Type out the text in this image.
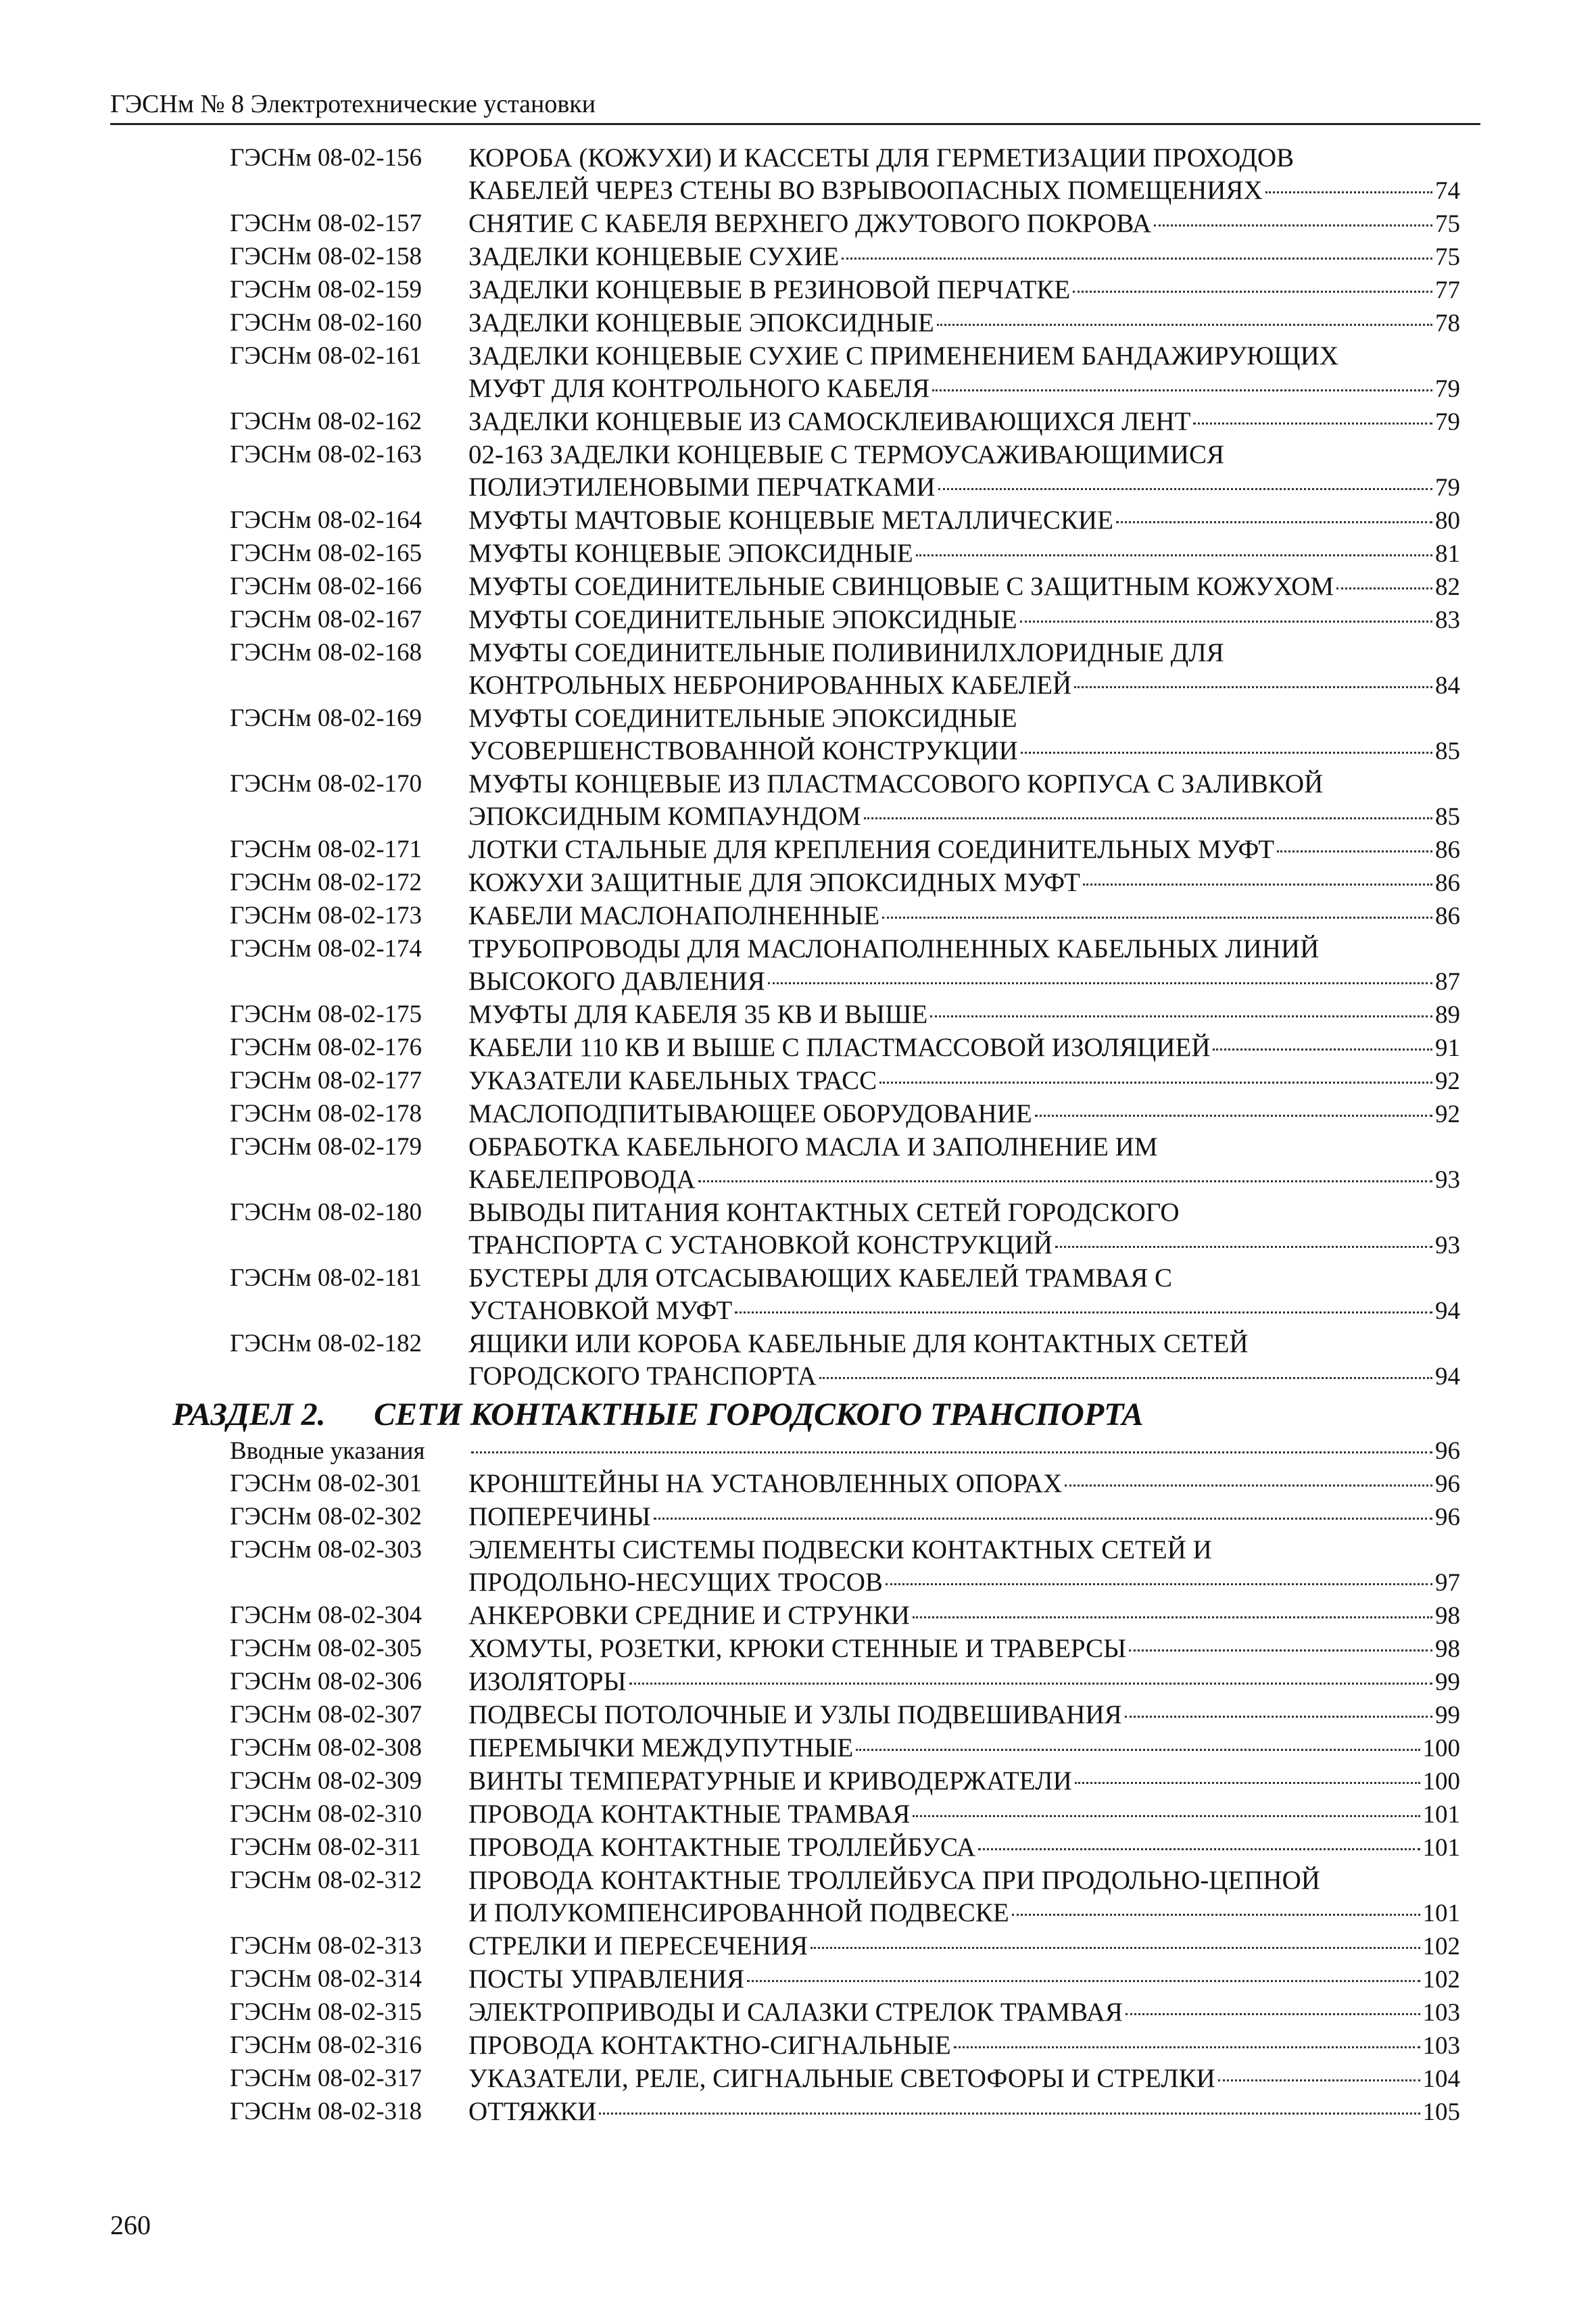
ГЭСНм № 8 Электротехнические установки
ГЭСНм 08-02-156 КОРОБА (КОЖУХИ) И КАССЕТЫ ДЛЯ ГЕРМЕТИЗАЦИИ ПРОХОДОВ
КАБЕЛЕЙ ЧЕРЕЗ СТЕНЫ ВО ВЗРЫВООПАСНЫХ ПОМЕЩЕНИЯХ	74
ГЭСНм 08-02-157 СНЯТИЕ С КАБЕЛЯ ВЕРХНЕГО ДЖУТОВОГО ПОКРОВА	75
ГЭСНм 08-02-158 ЗАДЕЛКИ КОНЦЕВЫЕ СУХИЕ	75
ГЭСНм 08-02-159 ЗАДЕЛКИ КОНЦЕВЫЕ В РЕЗИНОВОЙ ПЕРЧАТКЕ	77
ГЭСНм 08-02-160 ЗАДЕЛКИ КОНЦЕВЫЕ ЭПОКСИДНЫЕ	78
ГЭСНм 08-02-161 ЗАДЕЛКИ КОНЦЕВЫЕ СУХИЕ С ПРИМЕНЕНИЕМ БАНДАЖИРУЮЩИХ
МУФТ ДЛЯ КОНТРОЛЬНОГО КАБЕЛЯ	79
ГЭСНм 08-02-162 ЗАДЕЛКИ КОНЦЕВЫЕ ИЗ САМОСКЛЕИВАЮЩИХСЯ ЛЕНТ	79
ГЭСНм 08-02-163 02-163 ЗАДЕЛКИ КОНЦЕВЫЕ С ТЕРМОУСАЖИВАЮЩИМИСЯ
ПОЛИЭТИЛЕНОВЫМИ ПЕРЧАТКАМИ	79
ГЭСНм 08-02-164 МУФТЫ МАЧТОВЫЕ КОНЦЕВЫЕ МЕТАЛЛИЧЕСКИЕ	80
ГЭСНм 08-02-165 МУФТЫ КОНЦЕВЫЕ ЭПОКСИДНЫЕ	81
ГЭСНм 08-02-166 МУФТЫ СОЕДИНИТЕЛЬНЫЕ СВИНЦОВЫЕ С ЗАЩИТНЫМ КОЖУХОМ	82
ГЭСНм 08-02-167 МУФТЫ СОЕДИНИТЕЛЬНЫЕ ЭПОКСИДНЫЕ	83
ГЭСНм 08-02-168 МУФТЫ СОЕДИНИТЕЛЬНЫЕ ПОЛИВИНИЛХЛОРИДНЫЕ ДЛЯ
КОНТРОЛЬНЫХ НЕБРОНИРОВАННЫХ КАБЕЛЕЙ	84
ГЭСНм 08-02-169 МУФТЫ СОЕДИНИТЕЛЬНЫЕ ЭПОКСИДНЫЕ
УСОВЕРШЕНСТВОВАННОЙ КОНСТРУКЦИИ	85
ГЭСНм 08-02-170 МУФТЫ КОНЦЕВЫЕ ИЗ ПЛАСТМАССОВОГО КОРПУСА С ЗАЛИВКОЙ
ЭПОКСИДНЫМ КОМПАУНДОМ	85
ГЭСНм 08-02-171 ЛОТКИ СТАЛЬНЫЕ ДЛЯ КРЕПЛЕНИЯ СОЕДИНИТЕЛЬНЫХ МУФТ	86
ГЭСНм 08-02-172 КОЖУХИ ЗАЩИТНЫЕ ДЛЯ ЭПОКСИДНЫХ МУФТ	86
ГЭСНм 08-02-173 КАБЕЛИ МАСЛОНАПОЛНЕННЫЕ	86
ГЭСНм 08-02-174 ТРУБОПРОВОДЫ ДЛЯ МАСЛОНАПОЛНЕННЫХ КАБЕЛЬНЫХ ЛИНИЙ
ВЫСОКОГО ДАВЛЕНИЯ	87
ГЭСНм 08-02-175 МУФТЫ ДЛЯ КАБЕЛЯ 35 КВ И ВЫШЕ	89
ГЭСНм 08-02-176 КАБЕЛИ 110 КВ И ВЫШЕ С ПЛАСТМАССОВОЙ ИЗОЛЯЦИЕЙ	91
ГЭСНм 08-02-177 УКАЗАТЕЛИ КАБЕЛЬНЫХ ТРАСС	92
ГЭСНм 08-02-178 МАСЛОПОДПИТЫВАЮЩЕЕ ОБОРУДОВАНИЕ	92
ГЭСНм 08-02-179 ОБРАБОТКА КАБЕЛЬНОГО МАСЛА И ЗАПОЛНЕНИЕ ИМ
КАБЕЛЕПРОВОДА	93
ГЭСНм 08-02-180 ВЫВОДЫ ПИТАНИЯ КОНТАКТНЫХ СЕТЕЙ ГОРОДСКОГО
ТРАНСПОРТА С УСТАНОВКОЙ КОНСТРУКЦИЙ	93
ГЭСНм 08-02-181 БУСТЕРЫ ДЛЯ ОТСАСЫВАЮЩИХ КАБЕЛЕЙ ТРАМВАЯ С
УСТАНОВКОЙ МУФТ	94
ГЭСНм 08-02-182 ЯЩИКИ ИЛИ КОРОБА КАБЕЛЬНЫЕ ДЛЯ КОНТАКТНЫХ СЕТЕЙ
ГОРОДСКОГО ТРАНСПОРТА	94
РАЗДЕЛ 2. СЕТИ КОНТАКТНЫЕ ГОРОДСКОГО ТРАНСПОРТА
Вводные указания	96
ГЭСНм 08-02-301 КРОНШТЕЙНЫ НА УСТАНОВЛЕННЫХ ОПОРАХ	96
ГЭСНм 08-02-302 ПОПЕРЕЧИНЫ	96
ГЭСНм 08-02-303 ЭЛЕМЕНТЫ СИСТЕМЫ ПОДВЕСКИ КОНТАКТНЫХ СЕТЕЙ И
ПРОДОЛЬНО-НЕСУЩИХ ТРОСОВ	97
ГЭСНм 08-02-304 АНКЕРОВКИ СРЕДНИЕ И СТРУНКИ	98
ГЭСНм 08-02-305 ХОМУТЫ, РОЗЕТКИ, КРЮКИ СТЕННЫЕ И ТРАВЕРСЫ	98
ГЭСНм 08-02-306 ИЗОЛЯТОРЫ	99
ГЭСНм 08-02-307 ПОДВЕСЫ ПОТОЛОЧНЫЕ И УЗЛЫ ПОДВЕШИВАНИЯ	99
ГЭСНм 08-02-308 ПЕРЕМЫЧКИ МЕЖДУПУТНЫЕ	100
ГЭСНм 08-02-309 ВИНТЫ ТЕМПЕРАТУРНЫЕ И КРИВОДЕРЖАТЕЛИ	100
ГЭСНм 08-02-310 ПРОВОДА КОНТАКТНЫЕ ТРАМВАЯ	101
ГЭСНм 08-02-311 ПРОВОДА КОНТАКТНЫЕ ТРОЛЛЕЙБУСА	101
ГЭСНм 08-02-312 ПРОВОДА КОНТАКТНЫЕ ТРОЛЛЕЙБУСА ПРИ ПРОДОЛЬНО-ЦЕПНОЙ
И ПОЛУКОМПЕНСИРОВАННОЙ ПОДВЕСКЕ	101
ГЭСНм 08-02-313 СТРЕЛКИ И ПЕРЕСЕЧЕНИЯ	102
ГЭСНм 08-02-314 ПОСТЫ УПРАВЛЕНИЯ	102
ГЭСНм 08-02-315 ЭЛЕКТРОПРИВОДЫ И САЛАЗКИ СТРЕЛОК ТРАМВАЯ	103
ГЭСНм 08-02-316 ПРОВОДА КОНТАКТНО-СИГНАЛЬНЫЕ	103
ГЭСНм 08-02-317 УКАЗАТЕЛИ, РЕЛЕ, СИГНАЛЬНЫЕ СВЕТОФОРЫ И СТРЕЛКИ	104
ГЭСНм 08-02-318 ОТТЯЖКИ	105
260
